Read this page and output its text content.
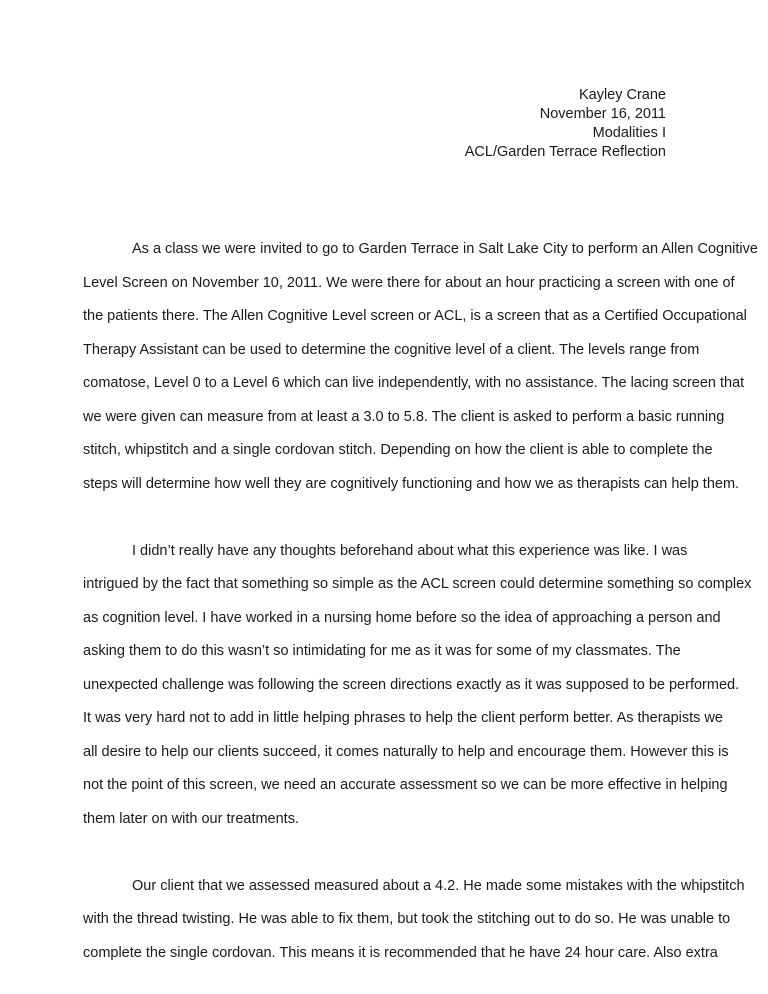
Kayley Crane
November 16, 2011
Modalities I
ACL/Garden Terrace Reflection

As a class we were invited to go to Garden Terrace in Salt Lake City to perform an Allen Cognitive
Level Screen on November 10, 2011. We were there for about an hour practicing a screen with one of
the patients there. The Allen Cognitive Level screen or ACL, is a screen that as a Certified Occupational
Therapy Assistant can be used to determine the cognitive level of a client. The levels range from
comatose, Level 0 to a Level 6 which can live independently, with no assistance. The lacing screen that
we were given can measure from at least a 3.0 to 5.8. The client is asked to perform a basic running
stitch, whipstitch and a single cordovan stitch. Depending on how the client is able to complete the
steps will determine how well they are cognitively functioning and how we as therapists can help them.

I didn’t really have any thoughts beforehand about what this experience was like. I was
intrigued by the fact that something so simple as the ACL screen could determine something so complex
as cognition level. I have worked in a nursing home before so the idea of approaching a person and
asking them to do this wasn’t so intimidating for me as it was for some of my classmates. The
unexpected challenge was following the screen directions exactly as it was supposed to be performed.
It was very hard not to add in little helping phrases to help the client perform better. As therapists we
all desire to help our clients succeed, it comes naturally to help and encourage them. However this is
not the point of this screen, we need an accurate assessment so we can be more effective in helping
them later on with our treatments.

Our client that we assessed measured about a 4.2. He made some mistakes with the whipstitch
with the thread twisting. He was able to fix them, but took the stitching out to do so. He was unable to
complete the single cordovan. This means it is recommended that he have 24 hour care. Also extra
